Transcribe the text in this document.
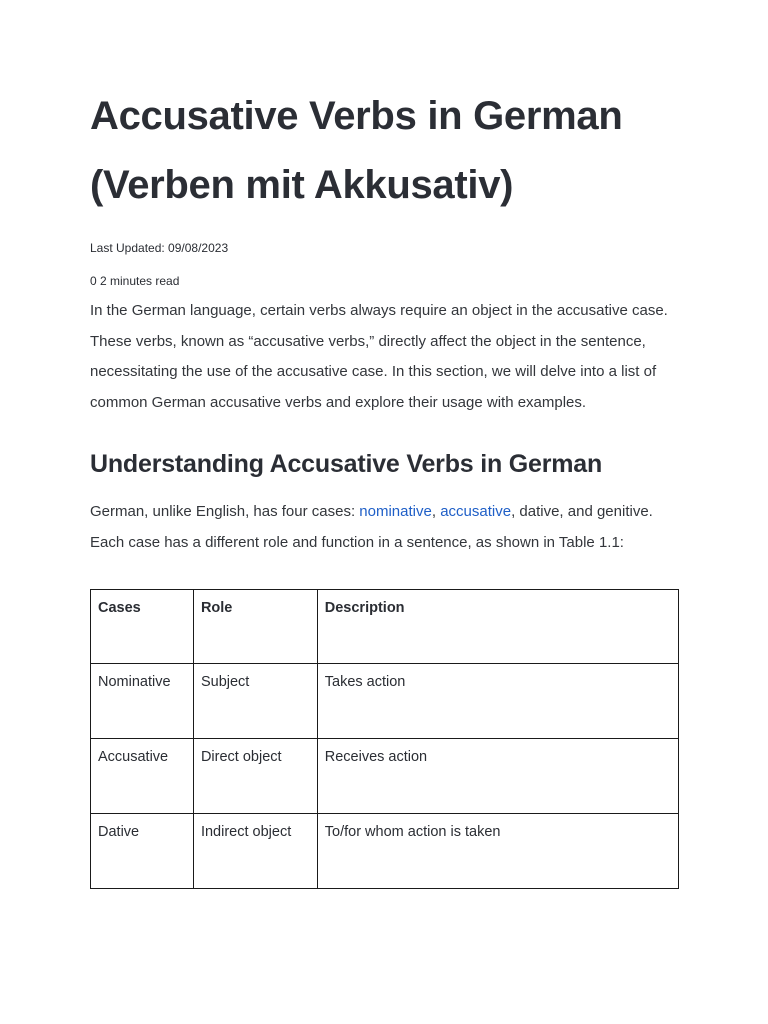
Accusative Verbs in German (Verben mit Akkusativ)
Last Updated: 09/08/2023
0 2 minutes read

In the German language, certain verbs always require an object in the accusative case. These verbs, known as “accusative verbs,” directly affect the object in the sentence, necessitating the use of the accusative case. In this section, we will delve into a list of common German accusative verbs and explore their usage with examples.

Understanding Accusative Verbs in German

German, unlike English, has four cases: nominative, accusative, dative, and genitive. Each case has a different role and function in a sentence, as shown in Table 1.1:

Cases	Role	Description
Nominative	Subject	Takes action
Accusative	Direct object	Receives action
Dative	Indirect object	To/for whom action is taken
